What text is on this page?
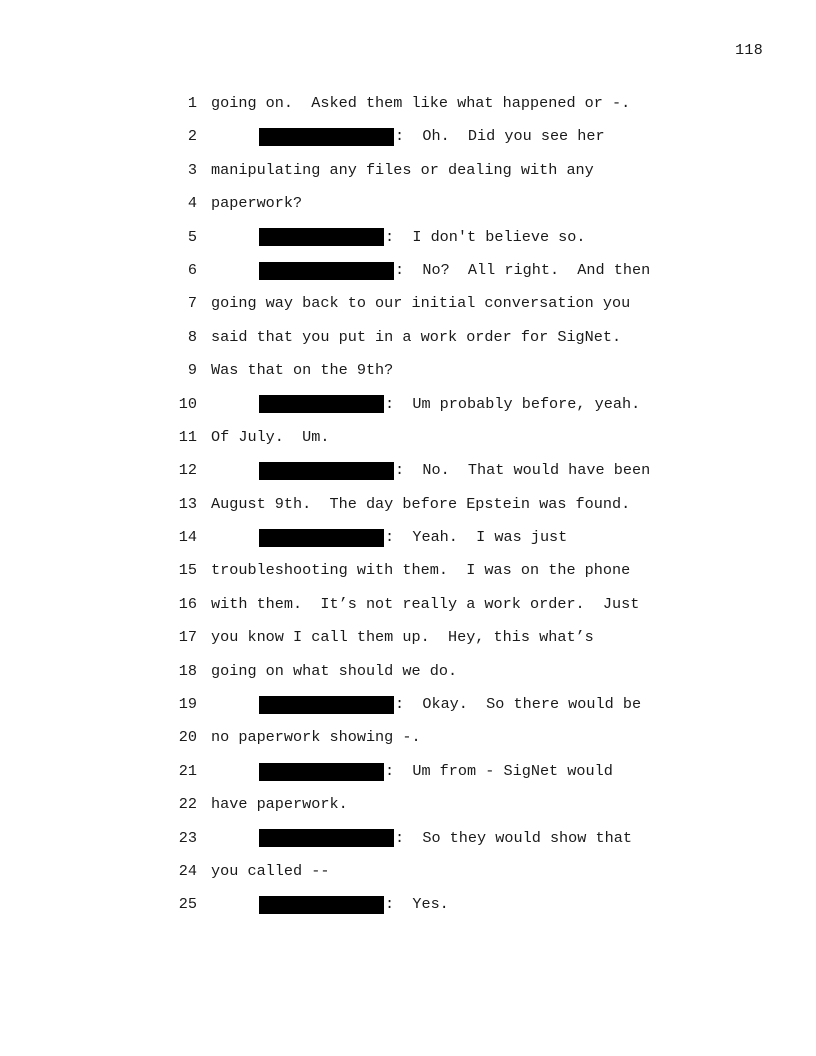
118
1 going on.  Asked them like what happened or -.
2	:  Oh.  Did you see her
3 manipulating any files or dealing with any
4 paperwork?
5	:  I don't believe so.
6	:  No?  All right.  And then
7 going way back to our initial conversation you
8 said that you put in a work order for SigNet.
9 Was that on the 9th?
10	:  Um probably before, yeah.
11 Of July.  Um.
12	:  No.  That would have been
13 August 9th.  The day before Epstein was found.
14	:  Yeah.  I was just
15 troubleshooting with them.  I was on the phone
16 with them.  It’s not really a work order.  Just
17 you know I call them up.  Hey, this what’s
18 going on what should we do.
19	:  Okay.  So there would be
20 no paperwork showing -.
21	:  Um from - SigNet would
22 have paperwork.
23	:  So they would show that
24 you called --
25	:  Yes.
